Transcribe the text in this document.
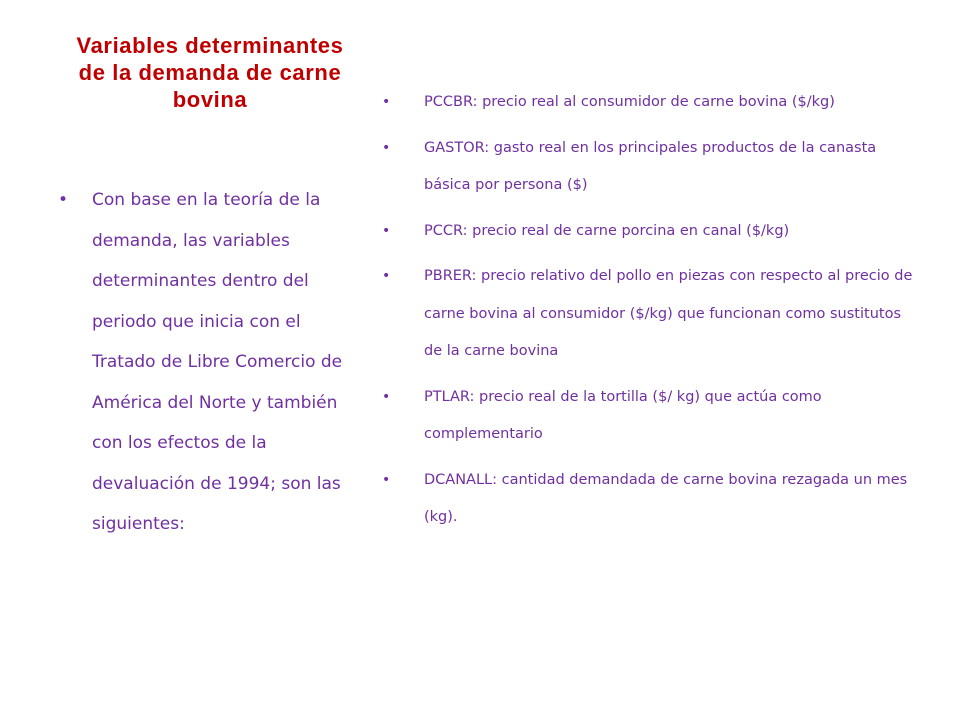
Variables determinantes de la demanda de carne bovina
• Con base en la teoría de la demanda, las variables determinantes dentro del periodo que inicia con el Tratado de Libre Comercio de América del Norte y también con los efectos de la devaluación de 1994; son las siguientes:
• PCCBR: precio real al consumidor de carne bovina ($/kg)
• GASTOR: gasto real en los principales productos de la canasta básica por persona ($)
• PCCR: precio real de carne porcina en canal ($/kg)
• PBRER: precio relativo del pollo en piezas con respecto al precio de carne bovina al consumidor ($/kg) que funcionan como sustitutos de la carne bovina
• PTLAR: precio real de la tortilla ($/ kg) que actúa como complementario
• DCANALL: cantidad demandada de carne bovina rezagada un mes (kg).
